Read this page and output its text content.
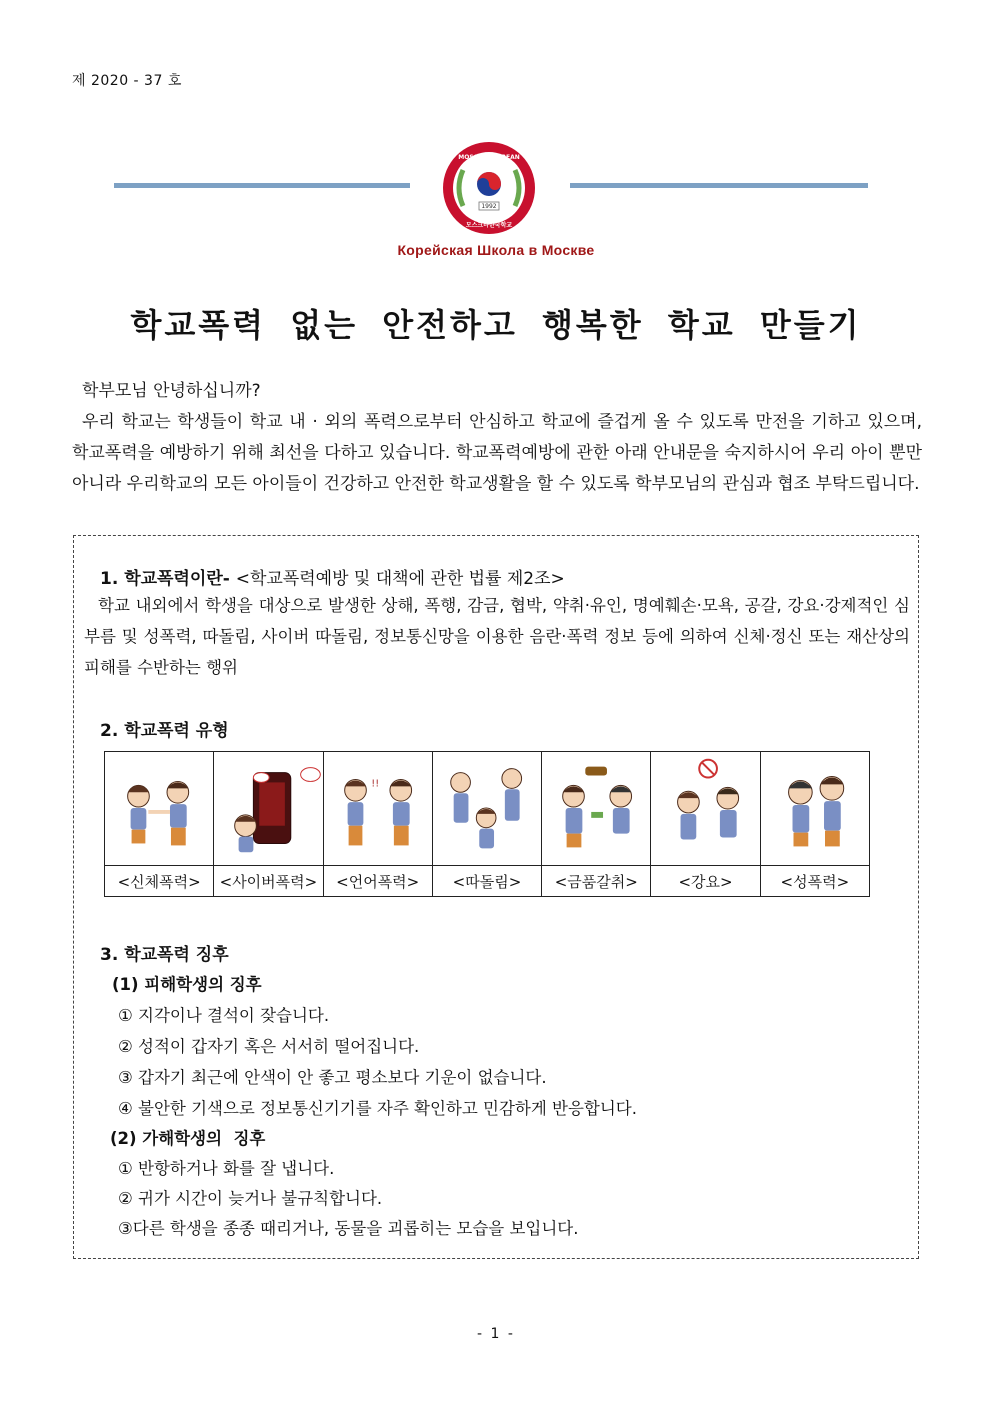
제 2020 - 37 호
MOSCOW KOREAN SCHOOL
1992
모스크바한국학교
Корейская Школа в Москве
학교폭력 없는 안전하고 행복한 학교 만들기

학부모님 안녕하십니까?

우리 학교는 학생들이 학교 내 · 외의 폭력으로부터 안심하고 학교에 즐겁게 올 수 있도록 만전을 기하고 있으며, 학교폭력을 예방하기 위해 최선을 다하고 있습니다. 학교폭력예방에 관한 아래 안내문을 숙지하시어 우리 아이 뿐만 아니라 우리학교의 모든 아이들이 건강하고 안전한 학교생활을 할 수 있도록 학부모님의 관심과 협조 부탁드립니다.

1. 학교폭력이란- <학교폭력예방 및 대책에 관한 법률 제2조>

학교 내외에서 학생을 대상으로 발생한 상해, 폭행, 감금, 협박, 약취·유인, 명예훼손·모욕, 공갈, 강요·강제적인 심부름 및 성폭력, 따돌림, 사이버 따돌림, 정보통신망을 이용한 음란·폭력 정보 등에 의하여 신체·정신 또는 재산상의 피해를 수반하는 행위

2. 학교폭력 유형

!!

<신체폭력>	<사이버폭력>	<언어폭력>	<따돌림>	<금품갈취>	<강요>	<성폭력>
3. 학교폭력 징후
(1) 피해학생의 징후
① 지각이나 결석이 잦습니다.
② 성적이 갑자기 혹은 서서히 떨어집니다.
③ 갑자기 최근에 안색이 안 좋고 평소보다 기운이 없습니다.
④ 불안한 기색으로 정보통신기기를 자주 확인하고 민감하게 반응합니다.
(2) 가해학생의  징후
① 반항하거나 화를 잘 냅니다.
② 귀가 시간이 늦거나 불규칙합니다.
③다른 학생을 종종 때리거나, 동물을 괴롭히는 모습을 보입니다.
- 1 -
